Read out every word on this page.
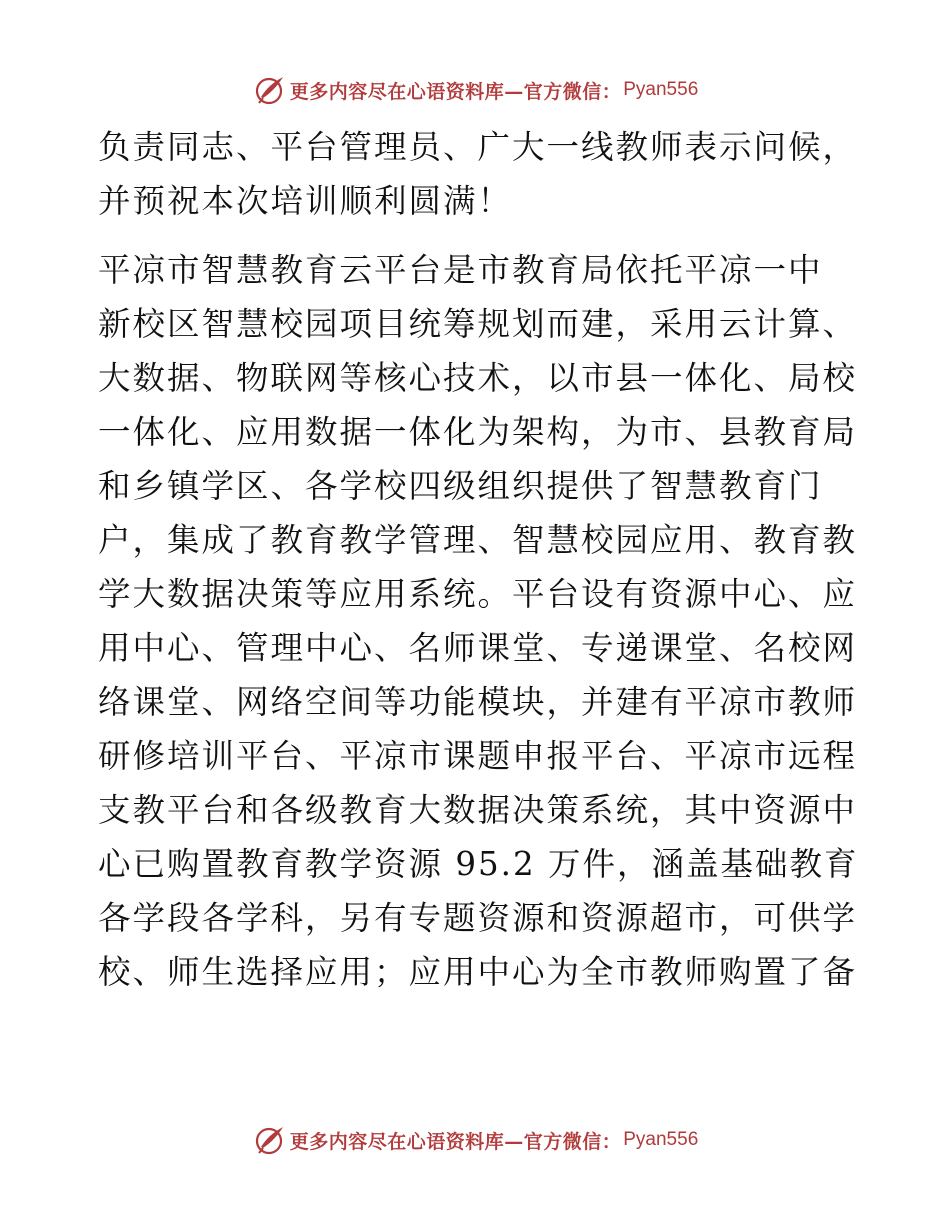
更多内容尽在心语资料库—官方微信： Pyan556
负责同志、平台管理员、广大一线教师表示问候，
并预祝本次培训顺利圆满！
平凉市智慧教育云平台是市教育局依托平凉一中
新校区智慧校园项目统筹规划而建，采用云计算、
大数据、物联网等核心技术，以市县一体化、局校
一体化、应用数据一体化为架构，为市、县教育局
和乡镇学区、各学校四级组织提供了智慧教育门
户，集成了教育教学管理、智慧校园应用、教育教
学大数据决策等应用系统。平台设有资源中心、应
用中心、管理中心、名师课堂、专递课堂、名校网
络课堂、网络空间等功能模块，并建有平凉市教师
研修培训平台、平凉市课题申报平台、平凉市远程
支教平台和各级教育大数据决策系统，其中资源中
心已购置教育教学资源 95.2 万件，涵盖基础教育
各学段各学科，另有专题资源和资源超市，可供学
校、师生选择应用；应用中心为全市教师购置了备
更多内容尽在心语资料库—官方微信： Pyan556
